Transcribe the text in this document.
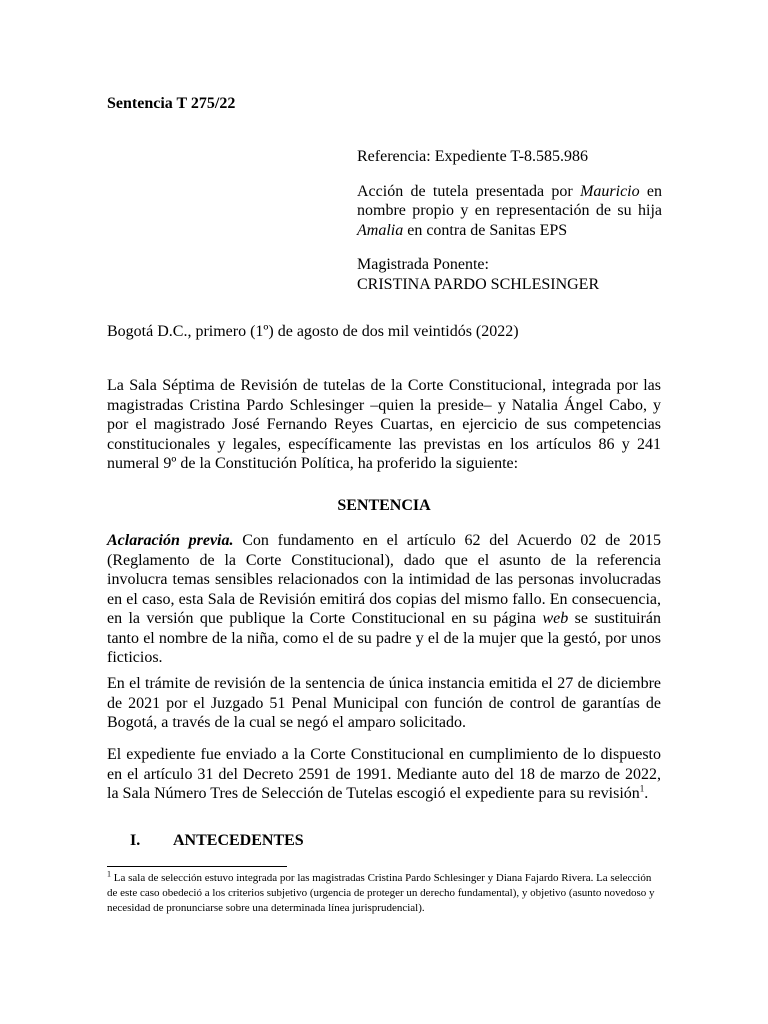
Sentencia T 275/22

Referencia: Expediente T-8.585.986

Acción de tutela presentada por Mauricio en nombre propio y en representación de su hija Amalia en contra de Sanitas EPS

Magistrada Ponente:

CRISTINA PARDO SCHLESINGER

Bogotá D.C., primero (1º) de agosto de dos mil veintidós (2022)

La Sala Séptima de Revisión de tutelas de la Corte Constitucional, integrada por las magistradas Cristina Pardo Schlesinger –quien la preside– y Natalia Ángel Cabo, y por el magistrado José Fernando Reyes Cuartas, en ejercicio de sus competencias constitucionales y legales, específicamente las previstas en los artículos 86 y 241 numeral 9º de la Constitución Política, ha proferido la siguiente:

SENTENCIA

Aclaración previa. Con fundamento en el artículo 62 del Acuerdo 02 de 2015 (Reglamento de la Corte Constitucional), dado que el asunto de la referencia involucra temas sensibles relacionados con la intimidad de las personas involucradas en el caso, esta Sala de Revisión emitirá dos copias del mismo fallo. En consecuencia, en la versión que publique la Corte Constitucional en su página web se sustituirán tanto el nombre de la niña, como el de su padre y el de la mujer que la gestó, por unos ficticios.

En el trámite de revisión de la sentencia de única instancia emitida el 27 de diciembre de 2021 por el Juzgado 51 Penal Municipal con función de control de garantías de Bogotá, a través de la cual se negó el amparo solicitado.

El expediente fue enviado a la Corte Constitucional en cumplimiento de lo dispuesto en el artículo 31 del Decreto 2591 de 1991. Mediante auto del 18 de marzo de 2022, la Sala Número Tres de Selección de Tutelas escogió el expediente para su revisión$^1$.

I. ANTECEDENTES

$^1$ La sala de selección estuvo integrada por las magistradas Cristina Pardo Schlesinger y Diana Fajardo Rivera. La selección de este caso obedeció a los criterios subjetivo (urgencia de proteger un derecho fundamental), y objetivo (asunto novedoso y necesidad de pronunciarse sobre una determinada línea jurisprudencial).
